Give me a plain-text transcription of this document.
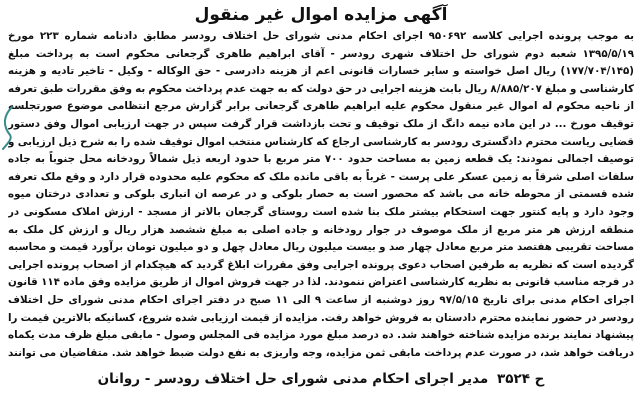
آگهی مزایده اموال غیر منقول
به موجب پرونده اجرایی کلاسه ۹۵۰۶۹۲ اجرای احکام مدنی شورای حل اختلاف رودسر مطابق دادنامه شماره ۲۲۳ مورخ ۱۳۹۵/۵/۱۹ شعبه دوم شورای حل اختلاف شهری رودسر - آقای ابراهیم طاهری گرجعانی محکوم است به پرداخت مبلغ (۱۷۷/۷۰۴/۱۴۵) ریال اصل خواسته و سایر خسارات قانونی اعم از هزینه دادرسی - حق الوکاله - وکیل - تاخیر تادیه و هزینه کارشناسی و مبلغ ۸/۸۸۵/۲۰۷ ریال بابت هزینه اجرایی در حق دولت که به جهت عدم پرداخت محکوم به وفق مقررات طبق تعرفه از ناحیه محکوم له اموال غیر منقول محکوم علیه ابراهیم طاهری گرجعانی برابر گزارش مرجع انتظامی موضوع صورتجلسه توقیف مورخ ... در این ماده نیمه دانگ از ملک توقیف و تحت بازداشت قرار گرفت سپس در جهت ارزیابی اموال وفق دستور قضایی ریاست محترم دادگستری رودسر به کارشناسی ارجاع که کارشناس منتخب اموال توقیف شده را به شرح ذیل ارزیابی و توصیف اجمالی نمودند: یک قطعه زمین به مساحت حدود ۷۰۰ متر مربع با حدود اربعه ذیل شمالاً رودخانه محل جنوباً به جاده سلفات اصلی شرقاً به زمین عسکر علی پرست - غرباً به باقی مانده ملک که محکوم علیه محدوده قرار دارد و وقع ملک تعرفه شده قسمتی از محوطه خانه می باشد که محصور است به حصار بلوکی و در عرصه ان انباری بلوکی و تعدادی درختان میوه وجود دارد و پایه کنتور جهت استحکام بیشتر ملک بنا شده است روستای گرجعان بالاتر از مسجد - ارزش املاک مسکونی در منطقه ارزش هر متر مربع از ملک موصوف در جوار رودخانه و جاده اصلی به مبلغ ششصد هزار ریال و ارزش کل ملک به مساحت تقریبی هفتصد متر مربع معادل چهار صد و بیست میلیون ریال معادل چهل و دو میلیون تومان برآورد قیمت و محاسبه گردیده است که نظریه به طرفین اصحاب دعوی پرونده اجرایی وفق مقررات ابلاغ گردید که هیچکدام از اصحاب پرونده اجرایی در فرجه مناسب قانونی به نظریه کارشناسی اعتراض ننمودند. لذا در جهت فروش اموال از طریق مزایده وفق ماده ۱۱۴ قانون اجرای احکام مدنی برای تاریخ ۹۷/۵/۱۵ روز دوشنبه از ساعت ۹ الی ۱۱ صبح در دفتر اجرای احکام مدنی شورای حل اختلاف رودسر در حضور نماینده محترم دادستان به فروش خواهد رفت. مزایده از قیمت ارزیابی شده شروع، کسانیکه بالاترین قیمت را پیشنهاد نمایند برنده مزایده شناخته خواهند شد. ده درصد مبلغ مورد مزایده فی المجلس وصول - مابقی مبلغ ظرف مدت یکماه دریافت خواهد شد، در صورت عدم پرداخت مابقی ثمن مزایده، وجه واریزی به نفع دولت ضبط خواهد شد. متقاضیان می توانند
ح ۳۵۲۴ مدیر اجرای احکام مدنی شورای حل اختلاف رودسر - روانان
